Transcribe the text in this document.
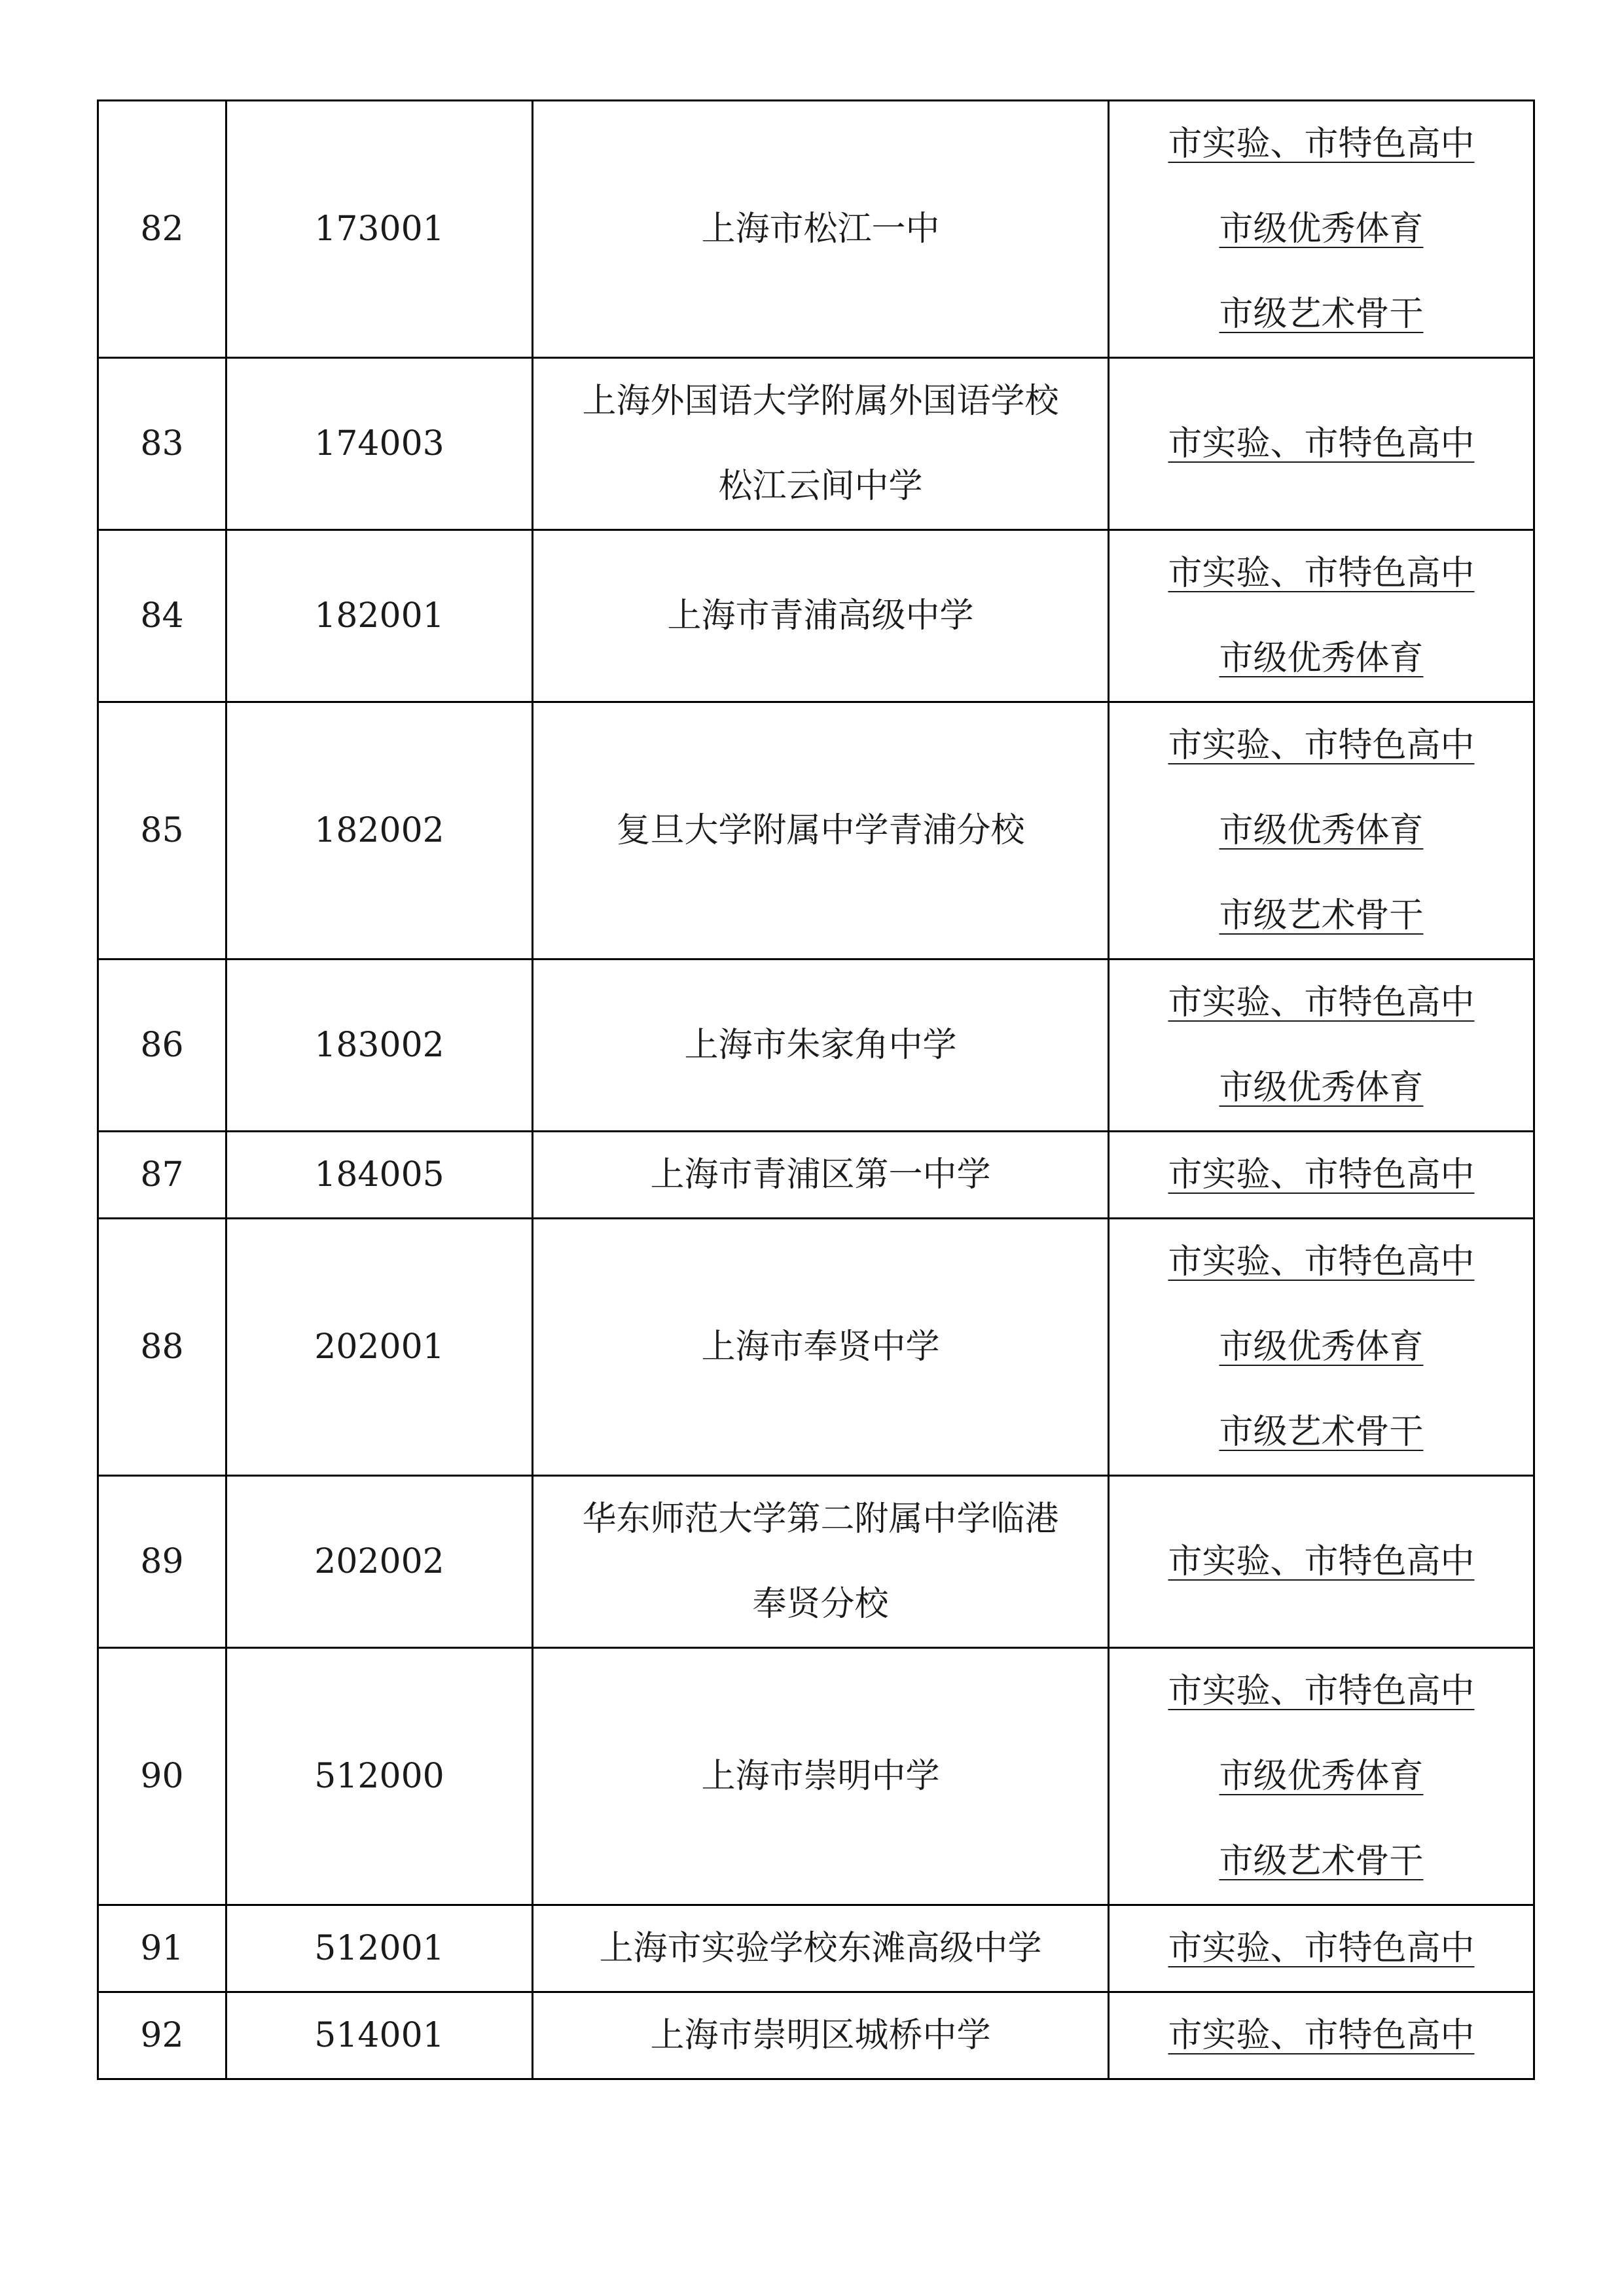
82	173001	上海市松江一中	市实验、市特色高中
市级优秀体育
市级艺术骨干

83	174003	上海外国语大学附属外国语学校
松江云间中学	市实验、市特色高中

84	182001	上海市青浦高级中学	市实验、市特色高中
市级优秀体育

85	182002	复旦大学附属中学青浦分校	市实验、市特色高中
市级优秀体育
市级艺术骨干

86	183002	上海市朱家角中学	市实验、市特色高中
市级优秀体育

87	184005	上海市青浦区第一中学	市实验、市特色高中

88	202001	上海市奉贤中学	市实验、市特色高中
市级优秀体育
市级艺术骨干

89	202002	华东师范大学第二附属中学临港
奉贤分校	市实验、市特色高中

90	512000	上海市崇明中学	市实验、市特色高中
市级优秀体育
市级艺术骨干

91	512001	上海市实验学校东滩高级中学	市实验、市特色高中

92	514001	上海市崇明区城桥中学	市实验、市特色高中
